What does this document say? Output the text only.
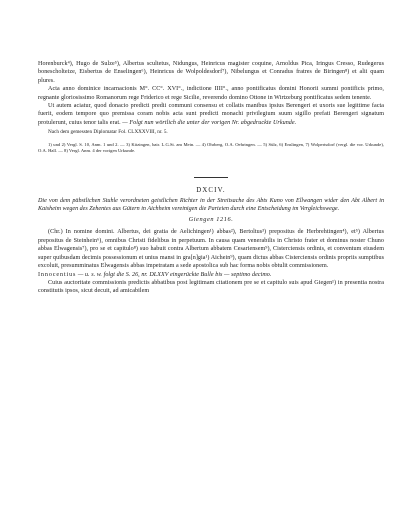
Horenburck⁴), Hugo de Sulze⁵), Albertus scultetus, Nidungus, Heinricus magister coquine, Arnoldus Pica, Iringus Cresso, Rudegerus bonescholteize, Eisbertus de Enselingen⁶), Heinricus de Wolpoldesdorf⁷), Nibelungus et Conradus fratres de Biringen⁸) et alii quam plures.

Acta anno dominice incarnacionis M°. CC°. XVI°., indictione IIII°., anno pontificatus domini Honorii summi pontificis primo, regnante gloriosissimo Romanorum rege Friderico et rege Sicilie, reverendo domino Ottone in Wirtzeburg pontificatus sedem tenente.

Ut autem aciatur, quod donacio predicti predii communi consensu et collatis manibus ipsius Berengeri et uxoris sue legittime facta fuerit, eodem tempore quo premissa coram nobis acta sunt predicti monachi privilegium suum sigillo prefati Berengeri signatum protulerunt, cuius tenor talis erat. — Folgt nun wörtlich die unter der vorigen Nr. abgedruckte Urkunde.

Nach dem gemessten Diplomatar Fol. CLXXXVIII, nr. 5.

1) und 2) Vergl. S. 10, Anm. 1 und 2. — 3) Kitzingen, bair. L.G.St. am Mein. — 4) Ohrberg, O.A. Oehringen. — 5) Sülz, 6) Enslingen, 7) Wolpertsdorf (vergl. die vor. Urkunde), O.A. Hall. — 8) Vergl. Anm. 4 der vorigen Urkunde.

DXCIV.

Die von dem päbstlichen Stuhle verordneten geistlichen Richter in der Streitsache des Abts Kuno von Ellwangen wider den Abt Albert in Kaisheim wegen des Zehentes aus Gütern in Aichheim vereinigen die Parteien durch eine Entscheidung im Vergleichswege.

Giengen 1216.

(Chr.) In nomine domini. Albertus, dei gratia de Aelichingen¹) abbas²), Bertoltus³) prepositus de Herbrehtingen⁴), et⁵) Albertus prepositus de Steinhein⁶), omnibus Christi fidelibus in perpetuum. In causa quam venerabilis in Christo frater et dominus noster Chuno abbas Elwagensis⁷), pro se et capitulo⁸) suo habuit contra Albertum abbatem Cesariensem⁹), Cisterciensis ordinis, et conventum eiusdem super quibusdam decimis possessionum et unius mansi in gra[n]gia¹) Aichein⁹), quam dictus abbas Cisterciensis ordinis propriis sumptibus excoluit, presumminatus Elwagensis abbas impetratam a sede apostolica sub hac forma nobis obtulit commissionem.

Innocentius — u. s. w. folgt die S. 26, nr. DLXXV eingerückte Bulle bis — septimo decimo.

Cuius auctoritate commissionis predictis abbatibus post legitimam citationem pre se et capitulo suis apud Giegen¹) in presentia nostra constitutis ipsos, sicut decuit, ad amicabilem
